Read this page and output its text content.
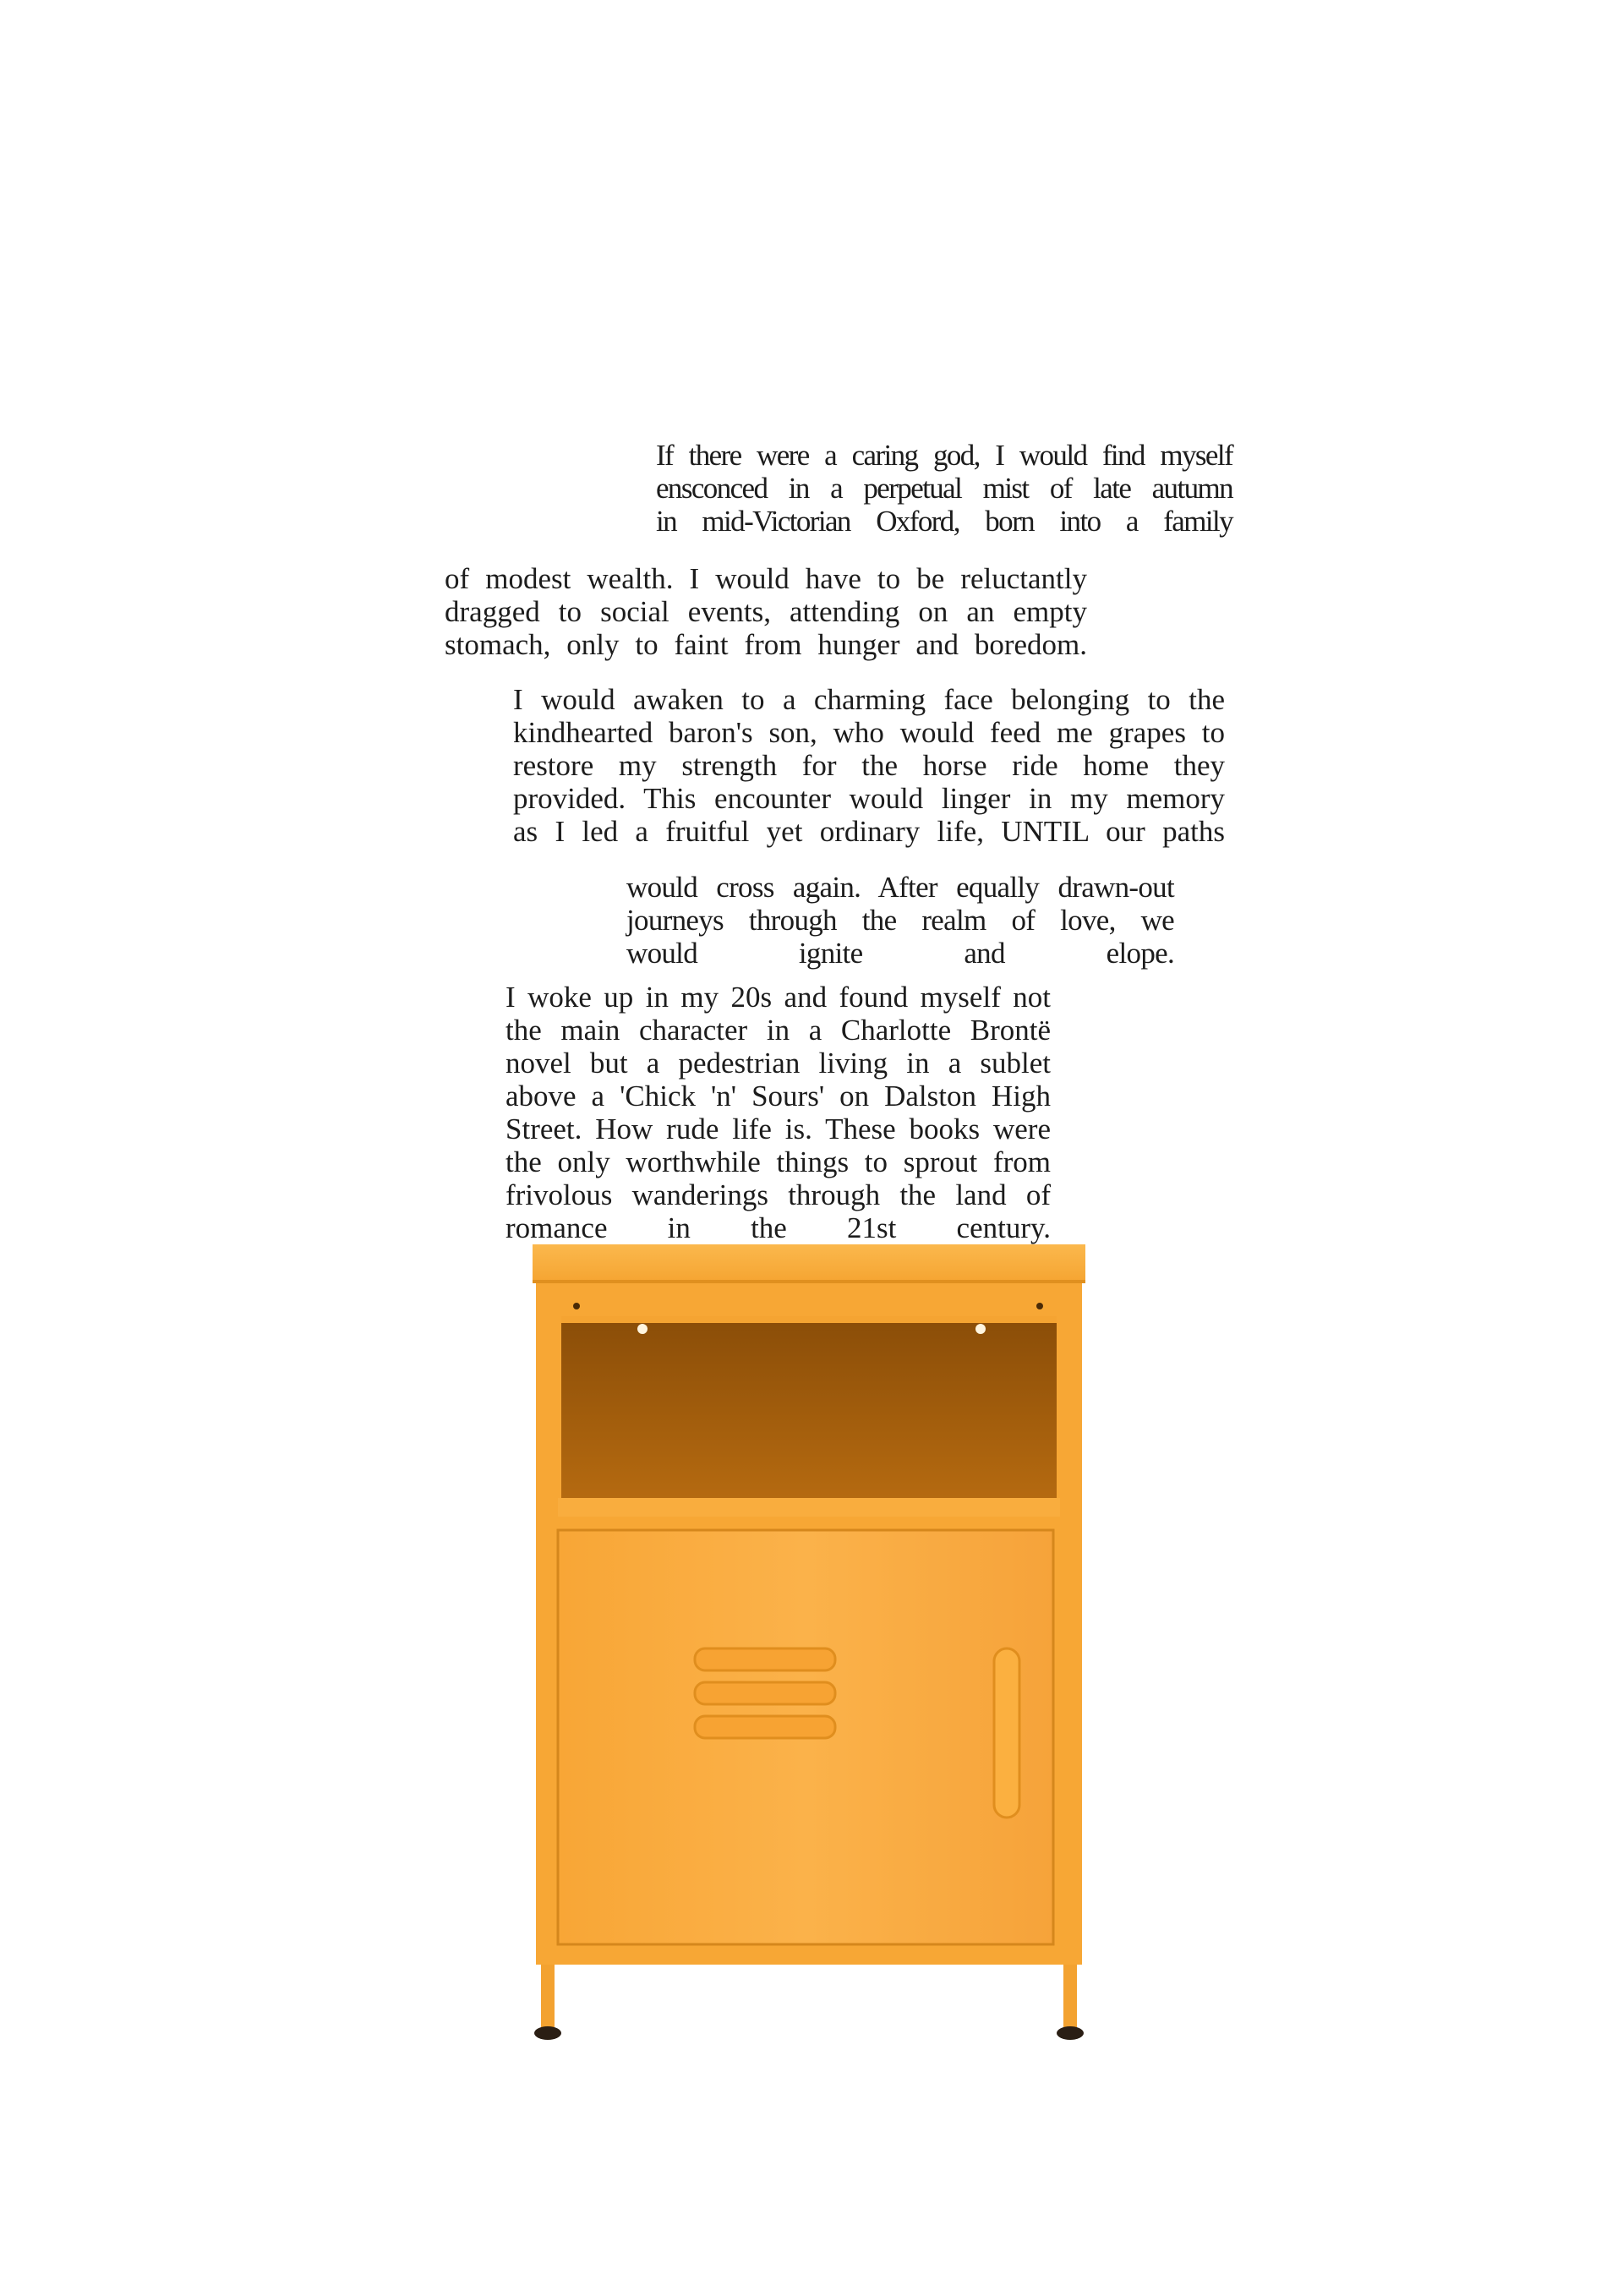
If there were a caring god, I would find myself
ensconced in a perpetual mist of late autumn
in mid-Victorian Oxford, born into a family
of modest wealth. I would have to be reluctantly
dragged to social events, attending on an empty
stomach, only to faint from hunger and boredom.
I would awaken to a charming face belonging to the
kindhearted baron's son, who would feed me grapes to
restore my strength for the horse ride home they
provided. This encounter would linger in my memory
as I led a fruitful yet ordinary life, UNTIL our paths
would cross again. After equally drawn-out
journeys through the realm of love, we
would ignite and elope.
I woke up in my 20s and found myself not
the main character in a Charlotte Brontë
novel but a pedestrian living in a sublet
above a 'Chick 'n' Sours' on Dalston High
Street. How rude life is. These books were
the only worthwhile things to sprout from
frivolous wanderings through the land of
romance in the 21st century.
